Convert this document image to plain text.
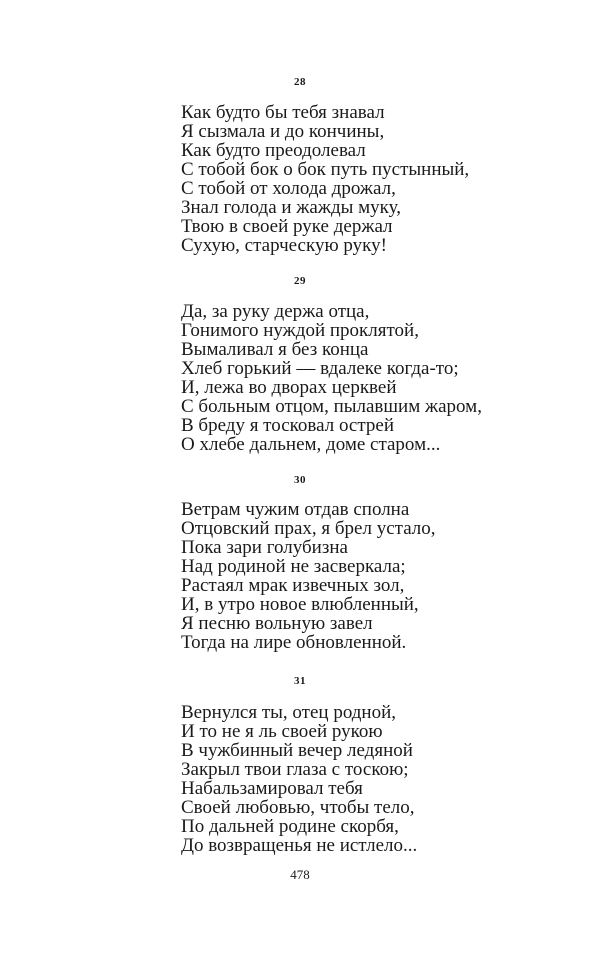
28
Как будто бы тебя знавал
Я сызмала и до кончины,
Как будто преодолевал
С тобой бок о бок путь пустынный,
С тобой от холода дрожал,
Знал голода и жажды муку,
Твою в своей руке держал
Сухую, старческую руку!
29
Да, за руку держа отца,
Гонимого нуждой проклятой,
Вымаливал я без конца
Хлеб горький — вдалеке когда-то;
И, лежа во дворах церквей
С больным отцом, пылавшим жаром,
В бреду я тосковал острей
О хлебе дальнем, доме старом...
30
Ветрам чужим отдав сполна
Отцовский прах, я брел устало,
Пока зари голубизна
Над родиной не засверкала;
Растаял мрак извечных зол,
И, в утро новое влюбленный,
Я песню вольную завел
Тогда на лире обновленной.
31
Вернулся ты, отец родной,
И то не я ль своей рукою
В чужбинный вечер ледяной
Закрыл твои глаза с тоскою;
Набальзамировал тебя
Своей любовью, чтобы тело,
По дальней родине скорбя,
До возвращенья не истлело...
478
